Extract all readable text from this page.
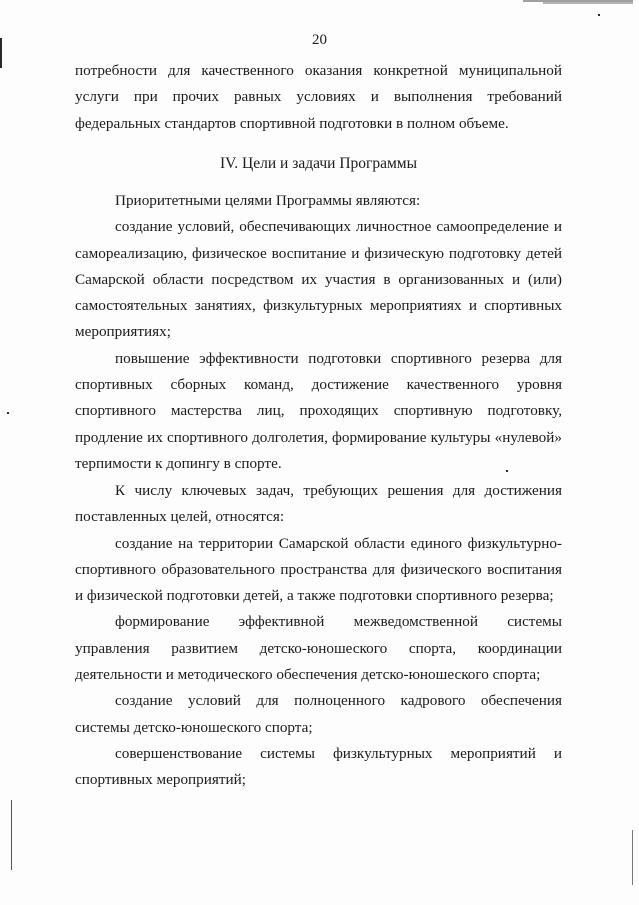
20

потребности для качественного оказания конкретной муниципальной услуги при прочих равных условиях и выполнения требований федеральных стандартов спортивной подготовки в полном объеме.

IV. Цели и задачи Программы

Приоритетными целями Программы являются:

создание условий, обеспечивающих личностное самоопределение и самореализацию, физическое воспитание и физическую подготовку детей Самарской области посредством их участия в организованных и (или) самостоятельных занятиях, физкультурных мероприятиях и спортивных мероприятиях;

повышение эффективности подготовки спортивного резерва для спортивных сборных команд, достижение качественного уровня спортивного мастерства лиц, проходящих спортивную подготовку, продление их спортивного долголетия, формирование культуры «нулевой» терпимости к допингу в спорте.

К числу ключевых задач, требующих решения для достижения поставленных целей, относятся:

создание на территории Самарской области единого физкультурно-спортивного образовательного пространства для физического воспитания и физической подготовки детей, а также подготовки спортивного резерва;

формирование эффективной межведомственной системы управления развитием детско-юношеского спорта, координации деятельности и методического обеспечения детско-юношеского спорта;

создание условий для полноценного кадрового обеспечения системы детско-юношеского спорта;

совершенствование системы физкультурных мероприятий и спортивных мероприятий;
